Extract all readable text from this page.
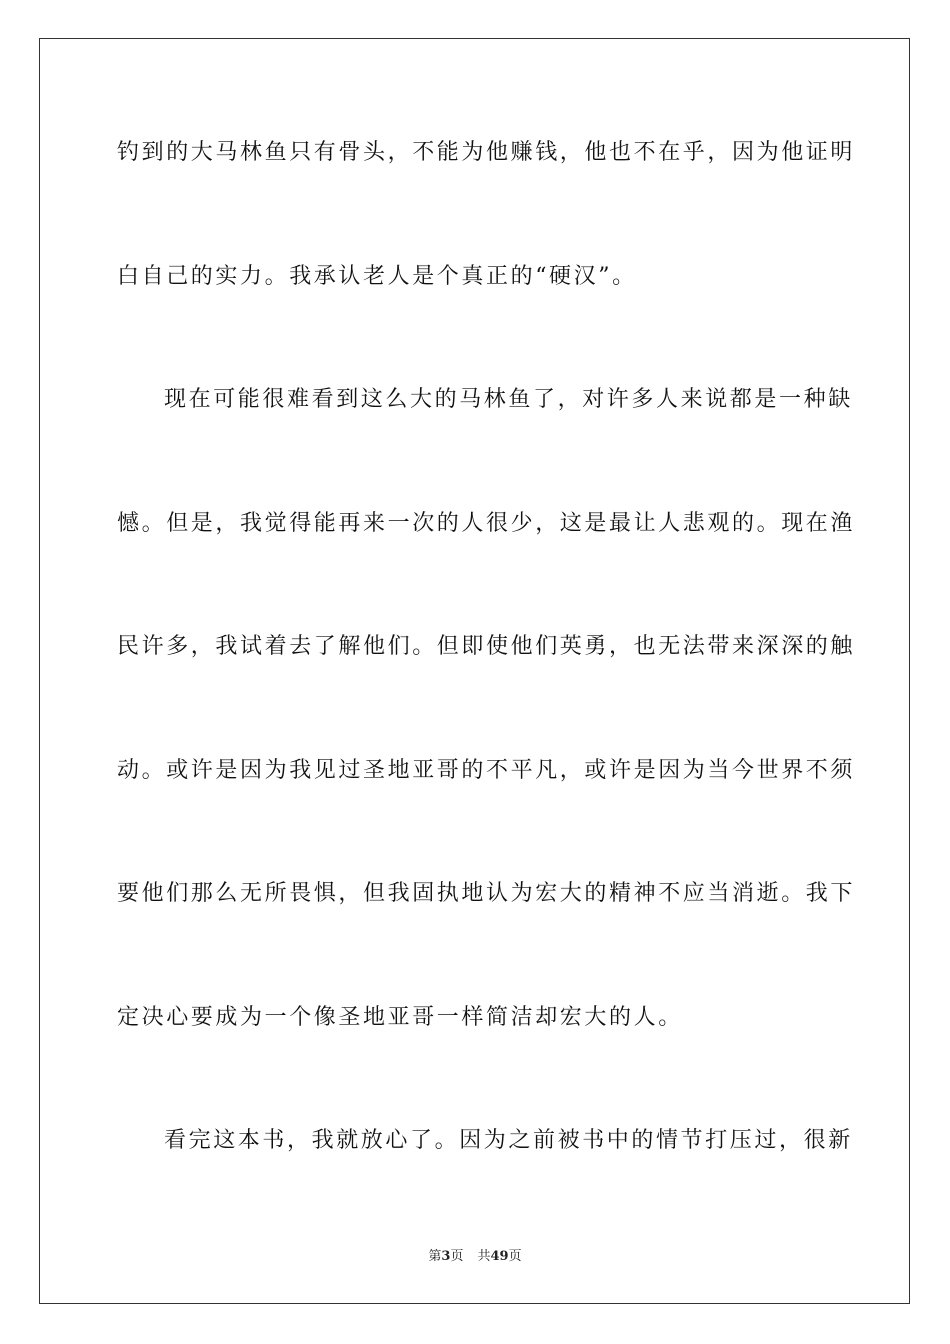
钓到的大马林鱼只有骨头，不能为他赚钱，他也不在乎，因为他证明
白自己的实力。我承认老人是个真正的“硬汉”。
现在可能很难看到这么大的马林鱼了，对许多人来说都是一种缺
憾。但是，我觉得能再来一次的人很少，这是最让人悲观的。现在渔
民许多，我试着去了解他们。但即使他们英勇，也无法带来深深的触
动。或许是因为我见过圣地亚哥的不平凡，或许是因为当今世界不须
要他们那么无所畏惧，但我固执地认为宏大的精神不应当消逝。我下
定决心要成为一个像圣地亚哥一样简洁却宏大的人。
看完这本书，我就放心了。因为之前被书中的情节打压过，很新
第3页 共49页
